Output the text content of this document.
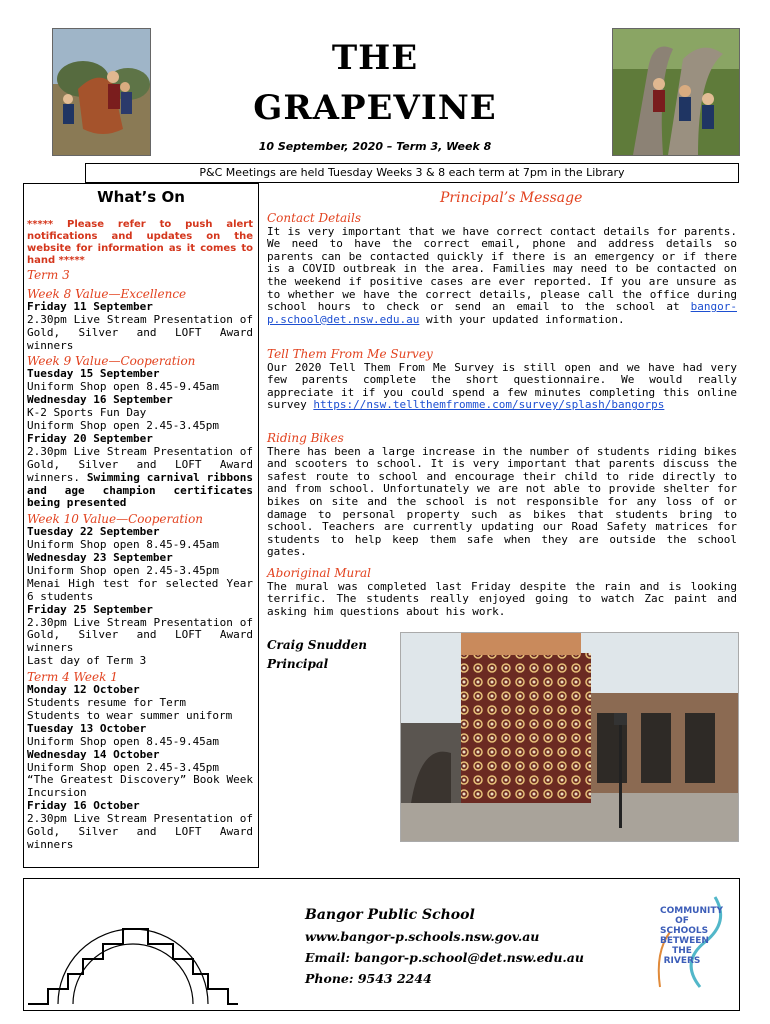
THE
GRAPEVINE
10 September, 2020 – Term 3, Week 8
P&C Meetings are held Tuesday Weeks 3 & 8 each term at 7pm in the Library
What’s On
***** Please refer to push alert notifications and updates on the website for information as it comes to hand *****
Term 3
Week 8 Value—Excellence
Friday 11 September
2.30pm Live Stream Presentation of Gold, Silver and LOFT Award winners
Week 9 Value—Cooperation
Tuesday 15 September
Uniform Shop open 8.45-9.45am
Wednesday 16 September
K-2 Sports Fun Day
Uniform Shop open 2.45-3.45pm
Friday 20 September
2.30pm Live Stream Presentation of Gold, Silver and LOFT Award winners. Swimming carnival ribbons and age champion certificates being presented
Week 10 Value—Cooperation
Tuesday 22 September
Uniform Shop open 8.45-9.45am
Wednesday 23 September
Uniform Shop open 2.45-3.45pm
Menai High test for selected Year 6 students
Friday 25 September
2.30pm Live Stream Presentation of Gold, Silver and LOFT Award winners
Last day of Term 3
Term 4 Week 1
Monday 12 October
Students resume for Term
Students to wear summer uniform
Tuesday 13 October
Uniform Shop open 8.45-9.45am
Wednesday 14 October
Uniform Shop open 2.45-3.45pm
“The Greatest Discovery” Book Week Incursion
Friday 16 October
2.30pm Live Stream Presentation of Gold, Silver and LOFT Award winners
Principal’s Message
Contact Details

It is very important that we have correct contact details for parents. We need to have the correct email, phone and address details so parents can be contacted quickly if there is an emergency or if there is a COVID outbreak in the area. Families may need to be contacted on the weekend if positive cases are ever reported. If you are unsure as to whether we have the correct details, please call the office during school hours to check or send an email to the school at bangor-p.school@det.nsw.edu.au with your updated information.

Tell Them From Me Survey

Our 2020 Tell Them From Me Survey is still open and we have had very few parents complete the short questionnaire. We would really appreciate it if you could spend a few minutes completing this online survey https://nsw.tellthemfromme.com/survey/splash/bangorps

Riding Bikes

There has been a large increase in the number of students riding bikes and scooters to school. It is very important that parents discuss the safest route to school and encourage their child to ride directly to and from school. Unfortunately we are not able to provide shelter for bikes on site and the school is not responsible for any loss of or damage to personal property such as bikes that students bring to school. Teachers are currently updating our Road Safety matrices for students to help keep them safe when they are outside the school gates.

Aboriginal Mural

The mural was completed last Friday despite the rain and is looking terrific. The students really enjoyed going to watch Zac paint and asking him questions about his work.

Craig Snudden
Principal
Bangor Public School
www.bangor-p.schools.nsw.gov.au
Email: bangor-p.school@det.nsw.edu.au
Phone: 9543 2244
COMMUNITY
OF SCHOOLS
BETWEEN
THE RIVERS
